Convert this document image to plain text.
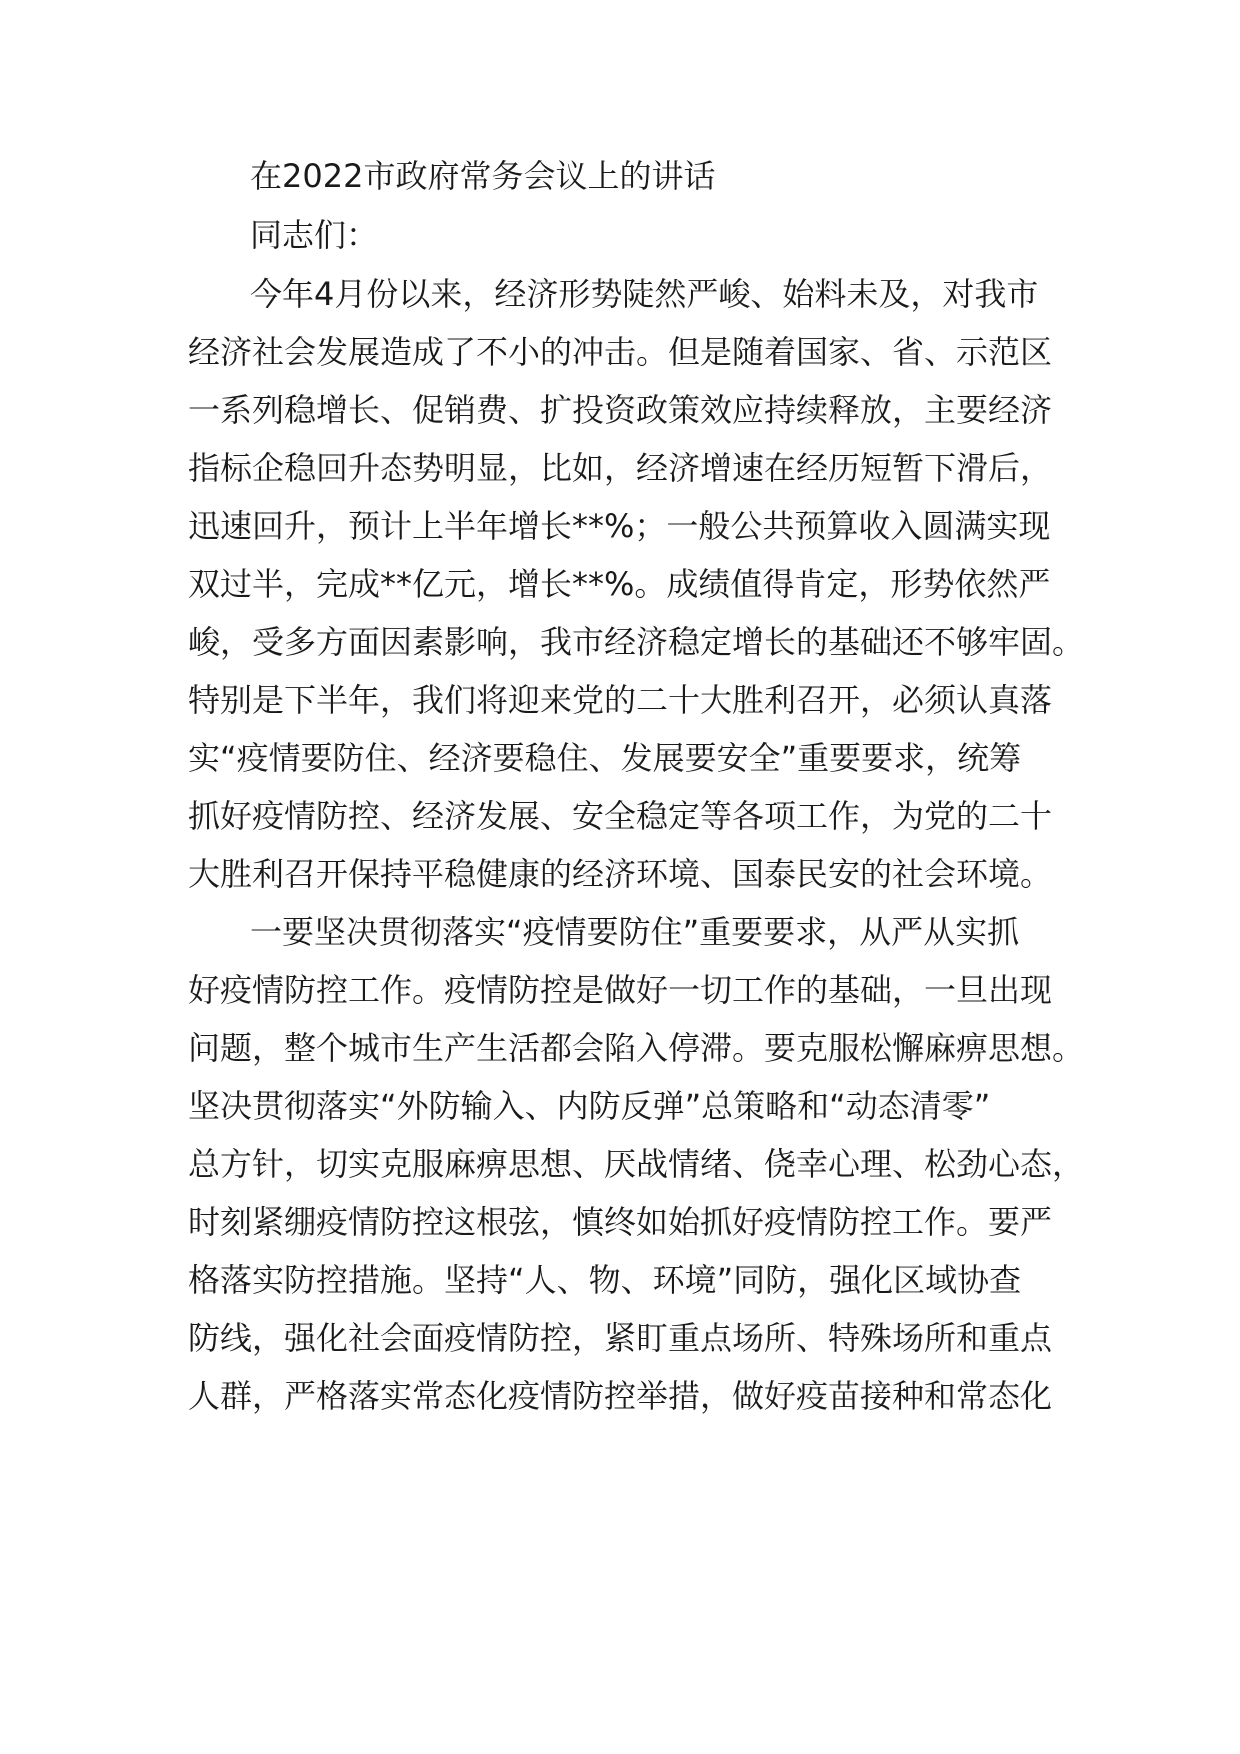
在2022市政府常务会议上的讲话

同志们：

今年4月份以来，经济形势陡然严峻、始料未及，对我市

经济社会发展造成了不小的冲击。但是随着国家、省、示范区

一系列稳增长、促销费、扩投资政策效应持续释放，主要经济

指标企稳回升态势明显，比如，经济增速在经历短暂下滑后，

迅速回升，预计上半年增长**%；一般公共预算收入圆满实现

双过半，完成**亿元，增长**%。成绩值得肯定，形势依然严

峻，受多方面因素影响，我市经济稳定增长的基础还不够牢固。

特别是下半年，我们将迎来党的二十大胜利召开，必须认真落

实“疫情要防住、经济要稳住、发展要安全”重要要求，统筹

抓好疫情防控、经济发展、安全稳定等各项工作，为党的二十

大胜利召开保持平稳健康的经济环境、国泰民安的社会环境。

一要坚决贯彻落实“疫情要防住”重要要求，从严从实抓

好疫情防控工作。疫情防控是做好一切工作的基础，一旦出现

问题，整个城市生产生活都会陷入停滞。要克服松懈麻痹思想。

坚决贯彻落实“外防输入、内防反弹”总策略和“动态清零”

总方针，切实克服麻痹思想、厌战情绪、侥幸心理、松劲心态，

时刻紧绷疫情防控这根弦，慎终如始抓好疫情防控工作。要严

格落实防控措施。坚持“人、物、环境”同防，强化区域协查

防线，强化社会面疫情防控，紧盯重点场所、特殊场所和重点

人群，严格落实常态化疫情防控举措，做好疫苗接种和常态化
